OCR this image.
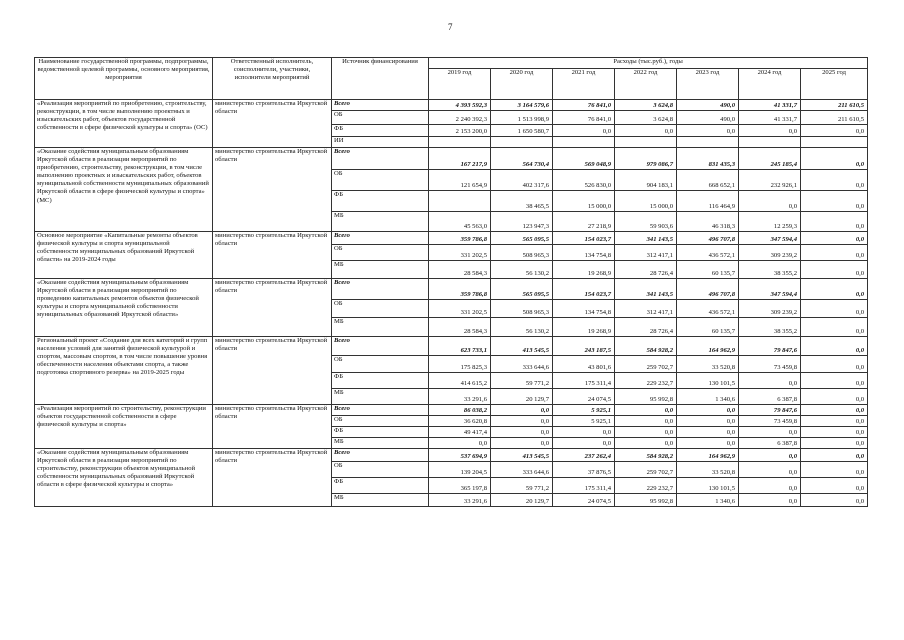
7
Наименование государственной программы, подпрограммы, ведомственной целевой программы, основного мероприятия, мероприятия	Ответственный исполнитель, соисполнители, участники, исполнители мероприятий	Источник финансирования	Расходы (тыс.руб.), годы						
			2019 год	2020 год	2021 год	2022 год	2023 год	2024 год	2025 год
«Реализация мероприятий по приобретению, строительству, реконструкции, в том числе выполнению проектных и изыскательских работ, объектов государственной собственности в сфере физической культуры и спорта» (ОС)	министерство строительства Иркутской области	Всего	4 393 592,3	3 164 579,6	76 841,0	3 624,8	490,0	41 331,7	211 610,5
		ОБ	2 240 392,3	1 513 998,9	76 841,0	3 624,8	490,0	41 331,7	211 610,5
		ФБ	2 153 200,0	1 650 580,7	0,0	0,0	0,0	0,0	0,0
		ИИ							
«Оказание содействия муниципальным образованиям Иркутской области в реализации мероприятий по приобретению, строительству, реконструкции, в том числе выполнению проектных и изыскательских работ, объектов муниципальной собственности муниципальных образований Иркутской области в сфере физической культуры и спорта» (МС)	министерство строительства Иркутской области	Всего	167 217,9	564 730,4	569 048,9	979 086,7	831 435,3	245 185,4	0,0
		ОБ	121 654,9	402 317,6	526 830,0	904 183,1	668 652,1	232 926,1	0,0
		ФБ		38 465,5	15 000,0	15 000,0	116 464,9	0,0	0,0
		МБ	45 563,0	123 947,3	27 218,9	59 903,6	46 318,3	12 259,3	0,0
Основное мероприятие «Капитальные ремонты объектов физической культуры и спорта муниципальной собственности муниципальных образований Иркутской области» на 2019-2024 годы	министерство строительства Иркутской области	Всего	359 786,8	565 095,5	154 023,7	341 143,5	496 707,8	347 594,4	0,0
		ОБ	331 202,5	508 965,3	134 754,8	312 417,1	436 572,1	309 239,2	0,0
		МБ	28 584,3	56 130,2	19 268,9	28 726,4	60 135,7	38 355,2	0,0
«Оказание содействия муниципальным образованиям Иркутской области в реализации мероприятий по проведению капитальных ремонтов объектов физической культуры и спорта муниципальной собственности муниципальных образований Иркутской области»	министерство строительства Иркутской области	Всего	359 786,8	565 095,5	154 023,7	341 143,5	496 707,8	347 594,4	0,0
		ОБ	331 202,5	508 965,3	134 754,8	312 417,1	436 572,1	309 239,2	0,0
		МБ	28 584,3	56 130,2	19 268,9	28 726,4	60 135,7	38 355,2	0,0
Региональный проект «Создание для всех категорий и групп населения условий для занятий физической культурой и спортом, массовым спортом, в том числе повышение уровня обеспеченности населения объектами спорта, а также подготовка спортивного резерва» на 2019-2025 годы	министерство строительства Иркутской области	Всего	623 733,1	413 545,5	243 187,5	584 928,2	164 962,9	79 847,6	0,0
		ОБ	175 825,3	333 644,6	43 801,6	259 702,7	33 520,8	73 459,8	0,0
		ФБ	414 615,2	59 771,2	175 311,4	229 232,7	130 101,5	0,0	0,0
		МБ	33 291,6	20 129,7	24 074,5	95 992,8	1 340,6	6 387,8	0,0
«Реализация мероприятий по строительству, реконструкции объектов государственной собственности в сфере физической культуры и спорта»	министерство строительства Иркутской области	Всего	86 038,2	0,0	5 925,1	0,0	0,0	79 847,6	0,0
		ОБ	36 620,8	0,0	5 925,1	0,0	0,0	73 459,8	0,0
		ФБ	49 417,4	0,0	0,0	0,0	0,0	0,0	0,0
		МБ	0,0	0,0	0,0	0,0	0,0	6 387,8	0,0
«Оказание содействия муниципальным образованиям Иркутской области в реализации мероприятий по строительству, реконструкции объектов муниципальной собственности муниципальных образований Иркутской области в сфере физической культуры и спорта»	министерство строительства Иркутской области	Всего	537 694,9	413 545,5	237 262,4	584 928,2	164 962,9	0,0	0,0
		ОБ	139 204,5	333 644,6	37 876,5	259 702,7	33 520,8	0,0	0,0
		ФБ	365 197,8	59 771,2	175 311,4	229 232,7	130 101,5	0,0	0,0
		МБ	33 291,6	20 129,7	24 074,5	95 992,8	1 340,6	0,0	0,0
